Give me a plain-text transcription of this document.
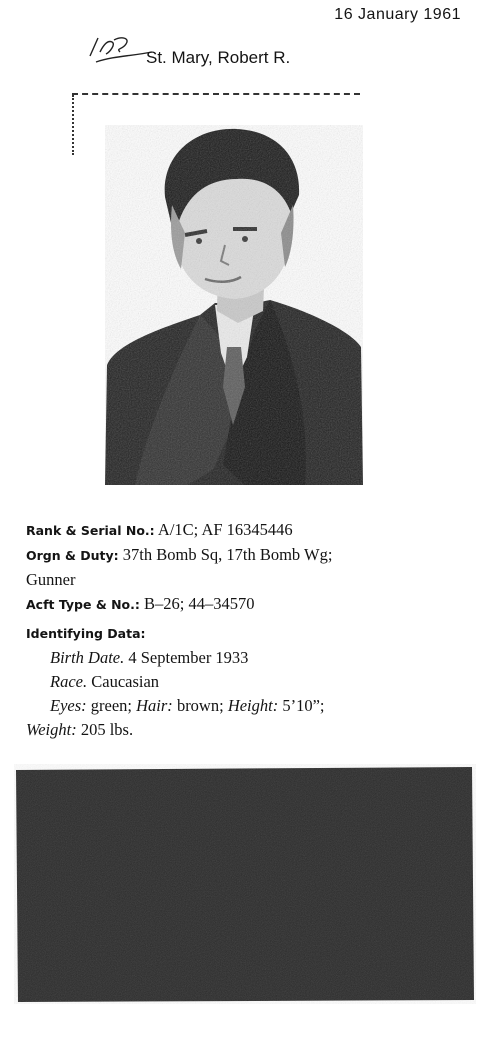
16 January 1961
St. Mary, Robert R.
Rank & Serial No.: A/1C; AF 16345446
Orgn & Duty: 37th Bomb Sq, 17th Bomb Wg;
Gunner
Acft Type & No.: B–26; 44–34570
Identifying Data:
Birth Date. 4 September 1933
Race. Caucasian
Eyes: green; Hair: brown; Height: 5’10”;
Weight: 205 lbs.
